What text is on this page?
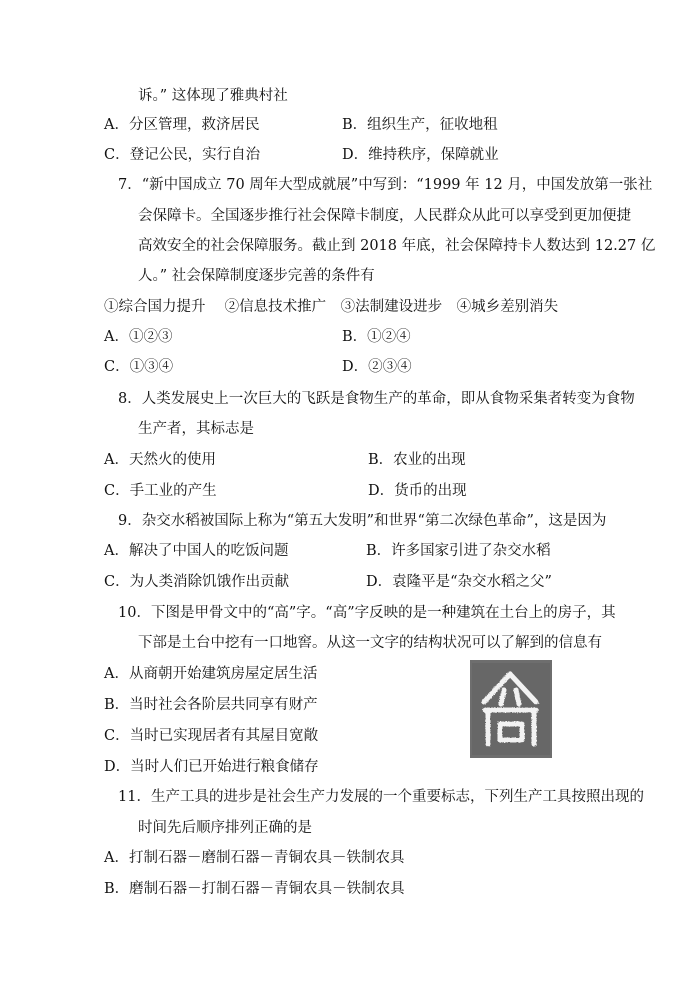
诉。” 这体现了雅典村社
A．分区管理，救济居民	B．组织生产，征收地租
C．登记公民，实行自治	D．维持秩序，保障就业
7．“新中国成立 70 周年大型成就展”中写到：“1999 年 12 月，中国发放第一张社
会保障卡。全国逐步推行社会保障卡制度，人民群众从此可以享受到更加便捷
高效安全的社会保障服务。截止到 2018 年底，社会保障持卡人数达到 12.27 亿
人。” 社会保障制度逐步完善的条件有
①综合国力提升　 ②信息技术推广　③法制建设进步　④城乡差别消失
A．①②③	B．①②④
C．①③④	D．②③④
8．人类发展史上一次巨大的飞跃是食物生产的革命，即从食物采集者转变为食物
生产者，其标志是
A．天然火的使用	B．农业的出现
C．手工业的产生	D．货币的出现
9．杂交水稻被国际上称为“第五大发明”和世界“第二次绿色革命”，这是因为
A．解决了中国人的吃饭问题	B．许多国家引进了杂交水稻
C．为人类消除饥饿作出贡献	D．袁隆平是“杂交水稻之父”
10．下图是甲骨文中的“高”字。“高”字反映的是一种建筑在土台上的房子，其
下部是土台中挖有一口地窖。从这一文字的结构状况可以了解到的信息有
A．从商朝开始建筑房屋定居生活
B．当时社会各阶层共同享有财产
C．当时已实现居者有其屋目宽敞
D．当时人们已开始进行粮食储存
11．生产工具的进步是社会生产力发展的一个重要标志，下列生产工具按照出现的
时间先后顺序排列正确的是
A．打制石器－磨制石器－青铜农具－铁制农具
B．磨制石器－打制石器－青铜农具－铁制农具
